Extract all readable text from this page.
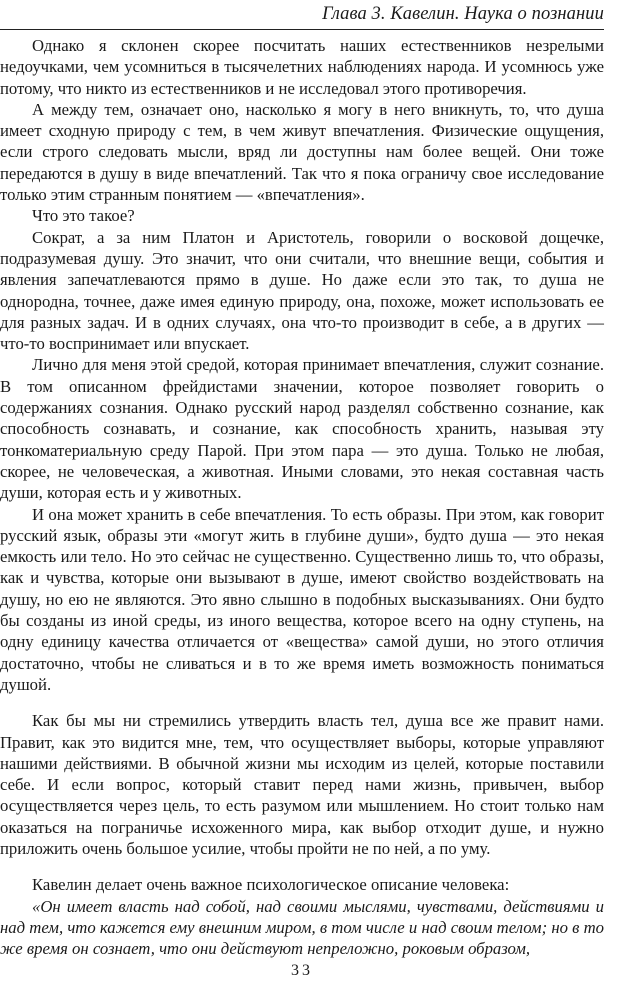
Глава 3. Кавелин. Наука о познании

Однако я склонен скорее посчитать наших естественников незрелыми недоучками, чем усомниться в тысячелетних наблюдениях народа. И усомнюсь уже потому, что никто из естественников и не исследовал этого противоречия.

А между тем, означает оно, насколько я могу в него вникнуть, то, что душа имеет сходную природу с тем, в чем живут впечатления. Физические ощущения, если строго следовать мысли, вряд ли доступны нам более вещей. Они тоже передаются в душу в виде впечатлений. Так что я пока ограничу свое исследование только этим странным понятием — «впечатления».

Что это такое?

Сократ, а за ним Платон и Аристотель, говорили о восковой дощечке, подразумевая душу. Это значит, что они считали, что внешние вещи, события и явления запечатлеваются прямо в душе. Но даже если это так, то душа не однородна, точнее, даже имея единую природу, она, похоже, может использовать ее для разных задач. И в одних случаях, она что-то производит в себе, а в других — что-то воспринимает или впускает.

Лично для меня этой средой, которая принимает впечатления, служит сознание. В том описанном фрейдистами значении, которое позволяет говорить о содержаниях сознания. Однако русский народ разделял собственно сознание, как способность сознавать, и сознание, как способность хранить, называя эту тонкоматериальную среду Парой. При этом пара — это душа. Только не любая, скорее, не человеческая, а животная. Иными словами, это некая составная часть души, которая есть и у животных.

И она может хранить в себе впечатления. То есть образы. При этом, как говорит русский язык, образы эти «могут жить в глубине души», будто душа — это некая емкость или тело. Но это сейчас не существенно. Существенно лишь то, что образы, как и чувства, которые они вызывают в душе, имеют свойство воздействовать на душу, но ею не являются. Это явно слышно в подобных высказываниях. Они будто бы созданы из иной среды, из иного вещества, которое всего на одну ступень, на одну единицу качества отличается от «вещества» самой души, но этого отличия достаточно, чтобы не сливаться и в то же время иметь возможность пониматься душой.

Как бы мы ни стремились утвердить власть тел, душа все же правит нами. Правит, как это видится мне, тем, что осуществляет выборы, которые управляют нашими действиями. В обычной жизни мы исходим из целей, которые поставили себе. И если вопрос, который ставит перед нами жизнь, привычен, выбор осуществляется через цель, то есть разумом или мышлением. Но стоит только нам оказаться на пограничье исхоженного мира, как выбор отходит душе, и нужно приложить очень большое усилие, чтобы пройти не по ней, а по уму.

Кавелин делает очень важное психологическое описание человека:

«Он имеет власть над собой, над своими мыслями, чувствами, действиями и над тем, что кажется ему внешним миром, в том числе и над своим телом; но в то же время он сознает, что они действуют непреложно, роковым образом,

33
